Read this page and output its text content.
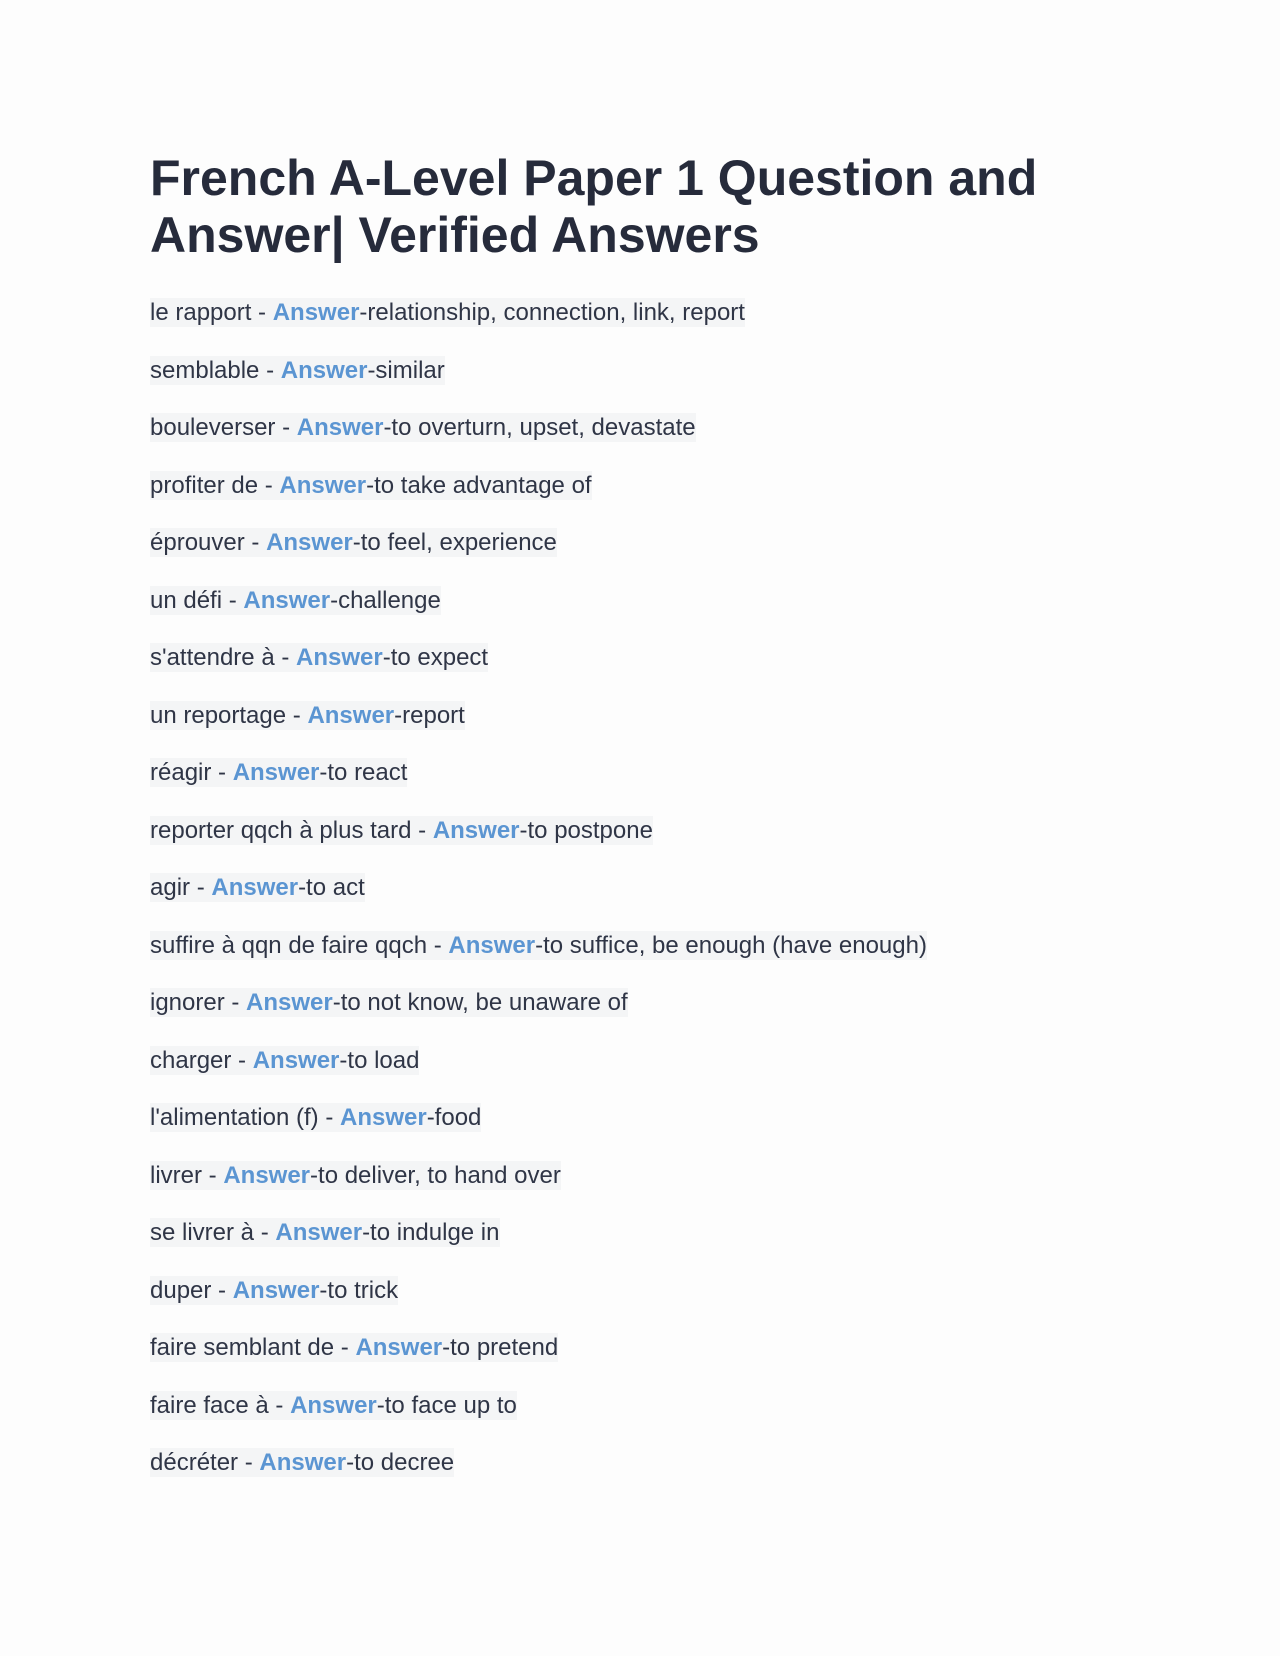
French A-Level Paper 1 Question and Answer| Verified Answers
le rapport - Answer-relationship, connection, link, report
semblable - Answer-similar
bouleverser - Answer-to overturn, upset, devastate
profiter de - Answer-to take advantage of
éprouver - Answer-to feel, experience
un défi - Answer-challenge
s'attendre à - Answer-to expect
un reportage - Answer-report
réagir - Answer-to react
reporter qqch à plus tard - Answer-to postpone
agir - Answer-to act
suffire à qqn de faire qqch - Answer-to suffice, be enough (have enough)
ignorer - Answer-to not know, be unaware of
charger - Answer-to load
l'alimentation (f) - Answer-food
livrer - Answer-to deliver, to hand over
se livrer à - Answer-to indulge in
duper - Answer-to trick
faire semblant de - Answer-to pretend
faire face à - Answer-to face up to
décréter - Answer-to decree
